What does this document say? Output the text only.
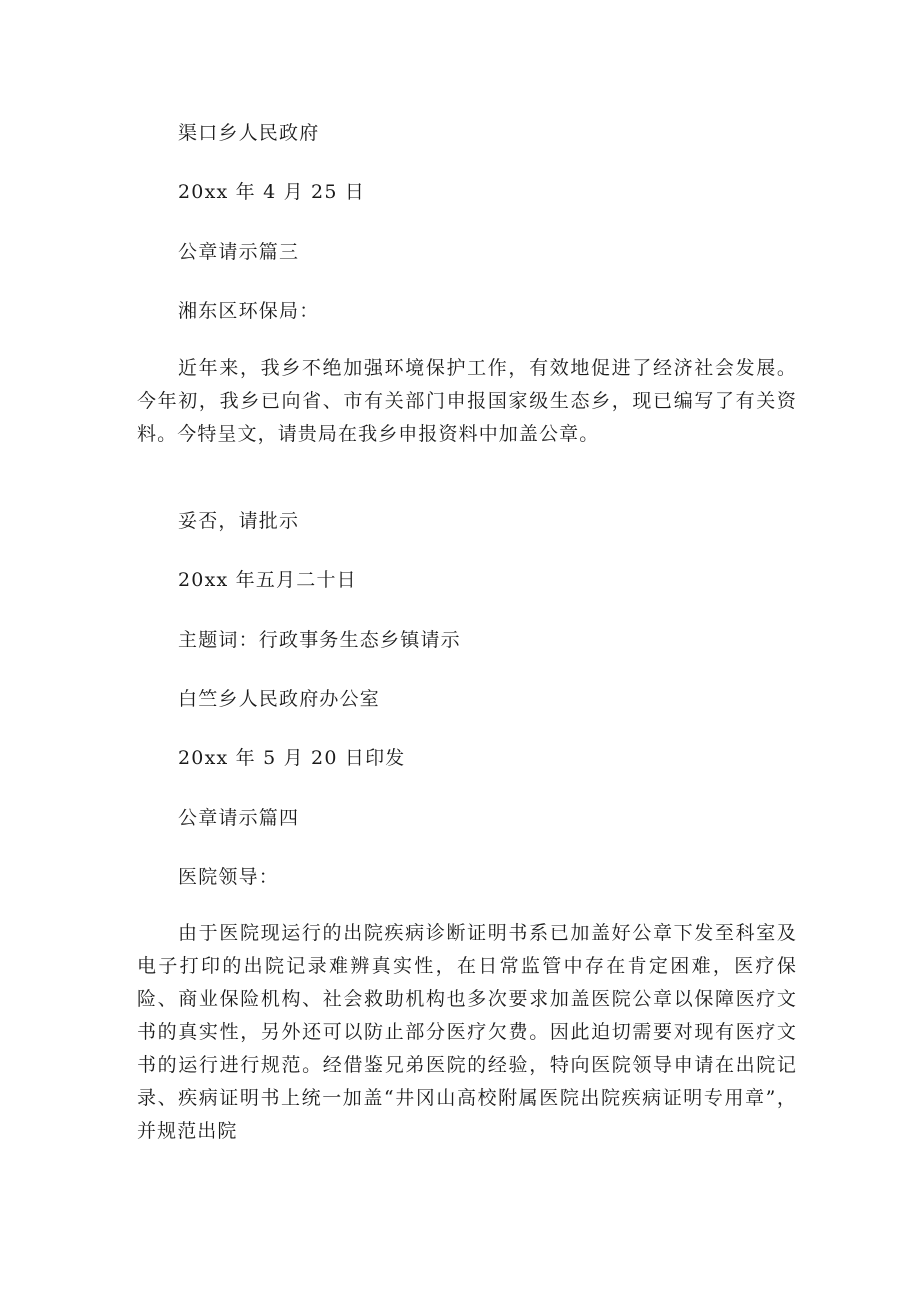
渠口乡人民政府
20xx 年 4 月 25 日
公章请示篇三
湘东区环保局：

近年来，我乡不绝加强环境保护工作，有效地促进了经济社会发展。今年初，我乡已向省、市有关部门申报国家级生态乡，现已编写了有关资料。今特呈文，请贵局在我乡申报资料中加盖公章。

妥否，请批示
20xx 年五月二十日
主题词：行政事务生态乡镇请示
白竺乡人民政府办公室
20xx 年 5 月 20 日印发
公章请示篇四
医院领导：

由于医院现运行的出院疾病诊断证明书系已加盖好公章下发至科室及电子打印的出院记录难辨真实性，在日常监管中存在肯定困难，医疗保险、商业保险机构、社会救助机构也多次要求加盖医院公章以保障医疗文书的真实性，另外还可以防止部分医疗欠费。因此迫切需要对现有医疗文书的运行进行规范。经借鉴兄弟医院的经验，特向医院领导申请在出院记录、疾病证明书上统一加盖“井冈山高校附属医院出院疾病证明专用章”，并规范出院
